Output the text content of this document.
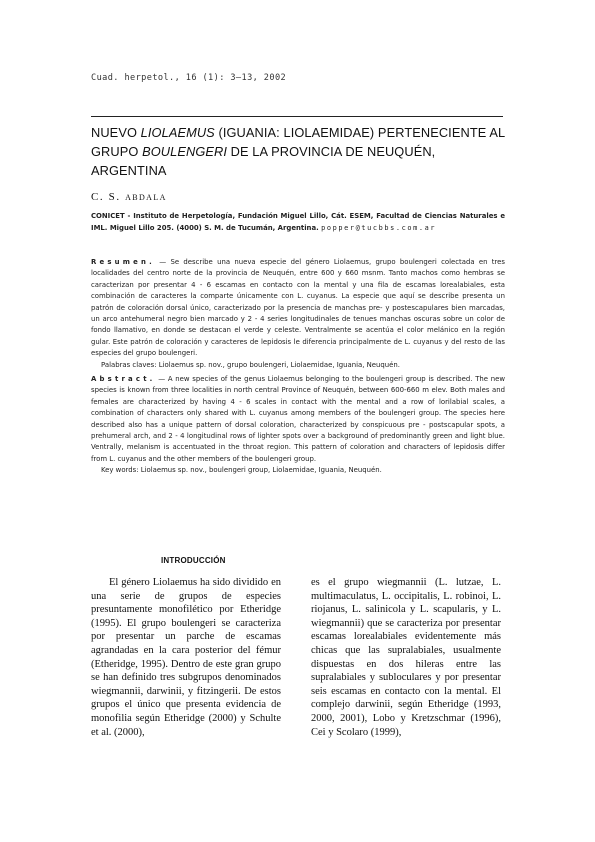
Cuad. herpetol., 16 (1): 3–13, 2002
NUEVO LIOLAEMUS (IGUANIA: LIOLAEMIDAE) PERTENECIENTE AL
GRUPO BOULENGERI DE LA PROVINCIA DE NEUQUÉN, ARGENTINA
C. S. ABDALA
CONICET - Instituto de Herpetología, Fundación Miguel Lillo, Cát. ESEM, Facultad de Ciencias Naturales e IML. Miguel Lillo 205. (4000) S. M. de Tucumán, Argentina. popper@tucbbs.com.ar
Resumen. — Se describe una nueva especie del género Liolaemus, grupo boulengeri colectada en tres localidades del centro norte de la provincia de Neuquén, entre 600 y 660 msnm. Tanto machos como hembras se caracterizan por presentar 4 - 6 escamas en contacto con la mental y una fila de escamas lorealabiales, esta combinación de caracteres la comparte únicamente con L. cuyanus. La especie que aquí se describe presenta un patrón de coloración dorsal único, caracterizado por la presencia de manchas pre- y postescapulares bien marcadas, un arco antehumeral negro bien marcado y 2 - 4 series longitudinales de tenues manchas oscuras sobre un color de fondo llamativo, en donde se destacan el verde y celeste. Ventralmente se acentúa el color melánico en la región gular. Este patrón de coloración y caracteres de lepidosis le diferencia principalmente de L. cuyanus y del resto de las especies del grupo boulengeri.
Palabras claves: Liolaemus sp. nov., grupo boulengeri, Liolaemidae, Iguania, Neuquén.
Abstract. — A new species of the genus Liolaemus belonging to the boulengeri group is described. The new species is known from three localities in north central Province of Neuquén, between 600-660 m elev. Both males and females are characterized by having 4 - 6 scales in contact with the mental and a row of lorilabial scales, a combination of characters only shared with L. cuyanus among members of the boulengeri group. The species here described also has a unique pattern of dorsal coloration, characterized by conspicuous pre - postscapular spots, a prehumeral arch, and 2 - 4 longitudinal rows of lighter spots over a background of predominantly green and light blue. Ventrally, melanism is accentuated in the throat region. This pattern of coloration and characters of lepidosis differ from L. cuyanus and the other members of the boulengeri group.
Key words: Liolaemus sp. nov., boulengeri group, Liolaemidae, Iguania, Neuquén.
INTRODUCCIÓN

El género Liolaemus ha sido dividido en una serie de grupos de especies presuntamente monofilético por Etheridge (1995). El grupo boulengeri se caracteriza por presentar un parche de escamas agrandadas en la cara posterior del fémur (Etheridge, 1995). Dentro de este gran grupo se han definido tres subgrupos denominados wiegmannii, darwinii, y fitzingerii. De estos grupos el único que presenta evidencia de monofilia según Etheridge (2000) y Schulte et al. (2000),

es el grupo wiegmannii (L. lutzae, L. multimaculatus, L. occipitalis, L. robinoi, L. riojanus, L. salinicola y L. scapularis, y L. wiegmannii) que se caracteriza por presentar escamas lorealabiales evidentemente más chicas que las supralabiales, usualmente dispuestas en dos hileras entre las supralabiales y subloculares y por presentar seis escamas en contacto con la mental. El complejo darwinii, según Etheridge (1993, 2000, 2001), Lobo y Kretzschmar (1996), Cei y Scolaro (1999),
